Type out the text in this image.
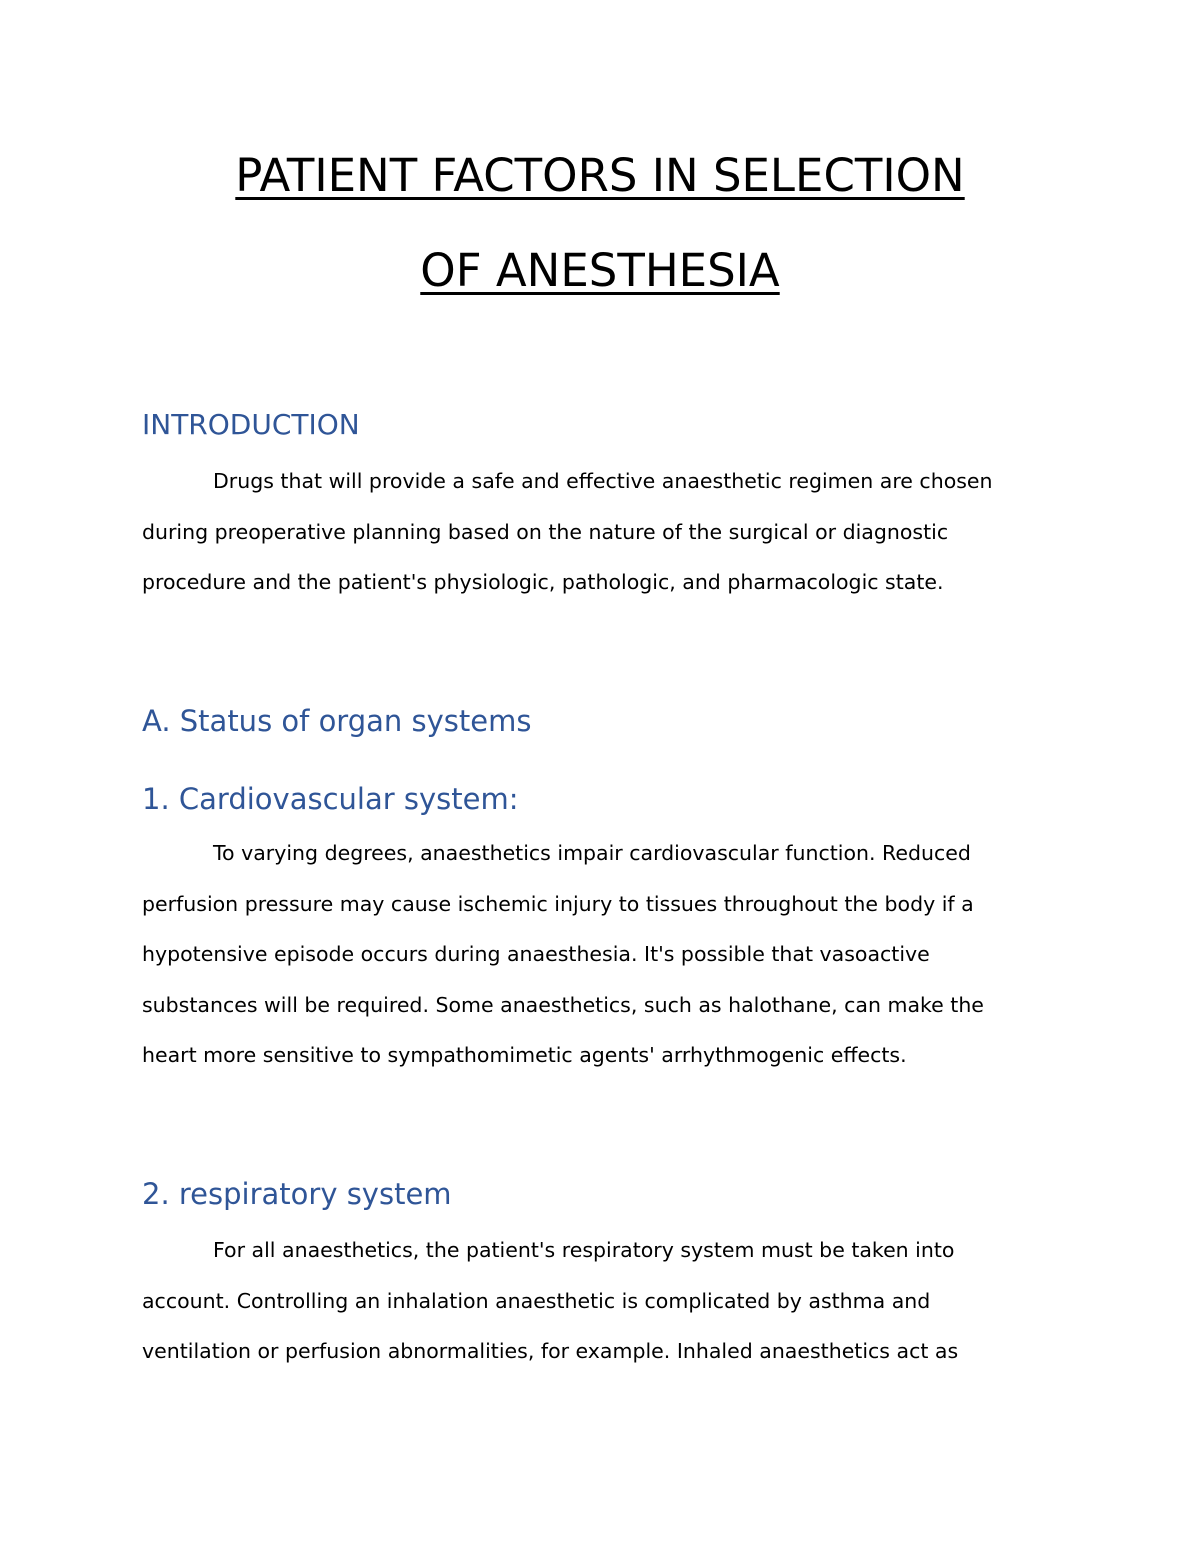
PATIENT FACTORS IN SELECTION
OF ANESTHESIA
INTRODUCTION
Drugs that will provide a safe and effective anaesthetic regimen are chosen
during preoperative planning based on the nature of the surgical or diagnostic
procedure and the patient's physiologic, pathologic, and pharmacologic state.
A. Status of organ systems
1. Cardiovascular system:
To varying degrees, anaesthetics impair cardiovascular function. Reduced
perfusion pressure may cause ischemic injury to tissues throughout the body if a
hypotensive episode occurs during anaesthesia. It's possible that vasoactive
substances will be required. Some anaesthetics, such as halothane, can make the
heart more sensitive to sympathomimetic agents' arrhythmogenic effects.
2. respiratory system
For all anaesthetics, the patient's respiratory system must be taken into
account. Controlling an inhalation anaesthetic is complicated by asthma and
ventilation or perfusion abnormalities, for example. Inhaled anaesthetics act as
